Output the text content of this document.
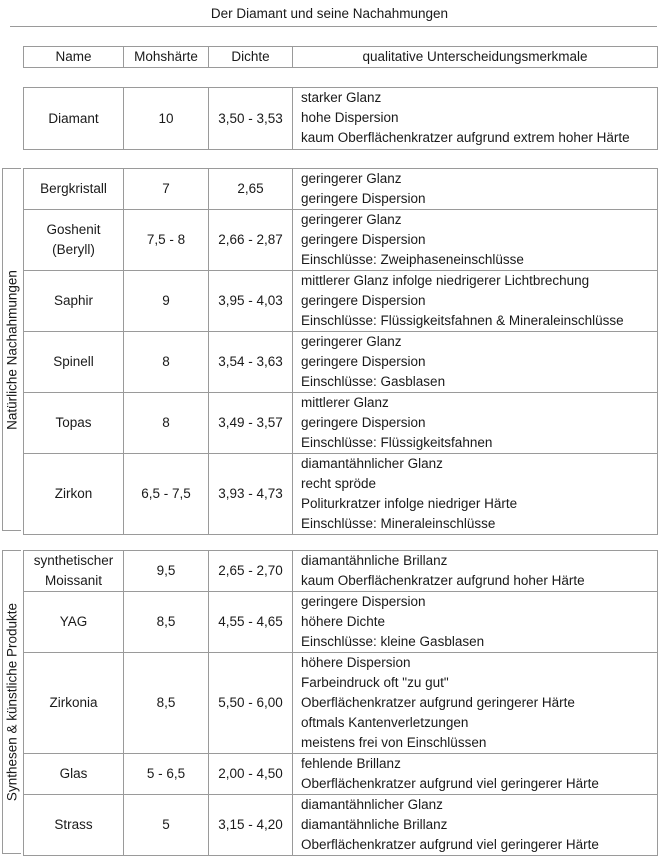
Der Diamant und seine Nachahmungen
Name	Mohshärte	Dichte	qualitative Unterscheidungsmerkmale
Diamant	10	3,50 - 3,53	
starker Glanz
hohe Dispersion
kaum Oberflächenkratzer aufgrund extrem hoher Härte
Natürliche Nachahmungen
Bergkristall	7	2,65	geringerer Glanz
geringere Dispersion

Goshenit (Beryll)	7,5 - 8	2,66 - 2,87	geringerer Glanz
geringere Dispersion
Einschlüsse: Zweiphaseneinschlüsse

Saphir	9	3,95 - 4,03	mittlerer Glanz infolge niedrigerer Lichtbrechung
geringere Dispersion
Einschlüsse: Flüssigkeitsfahnen & Mineraleinschlüsse

Spinell	8	3,54 - 3,63	geringerer Glanz
geringere Dispersion
Einschlüsse: Gasblasen

Topas	8	3,49 - 3,57	mittlerer Glanz
geringere Dispersion
Einschlüsse: Flüssigkeitsfahnen

Zirkon	6,5 - 7,5	3,93 - 4,73	diamantähnlicher Glanz
recht spröde
Politurkratzer infolge niedriger Härte
Einschlüsse: Mineraleinschlüsse
Synthesen & künstliche Produkte
synthetischer Moissanit	9,5	2,65 - 2,70	diamantähnliche Brillanz
kaum Oberflächenkratzer aufgrund hoher Härte

YAG	8,5	4,55 - 4,65	geringere Dispersion
höhere Dichte
Einschlüsse: kleine Gasblasen

Zirkonia	8,5	5,50 - 6,00	höhere Dispersion
Farbeindruck oft "zu gut"
Oberflächenkratzer aufgrund geringerer Härte
oftmals Kantenverletzungen
meistens frei von Einschlüssen

Glas	5 - 6,5	2,00 - 4,50	fehlende Brillanz
Oberflächenkratzer aufgrund viel geringerer Härte

Strass	5	3,15 - 4,20	diamantähnlicher Glanz
diamantähnliche Brillanz
Oberflächenkratzer aufgrund viel geringerer Härte
